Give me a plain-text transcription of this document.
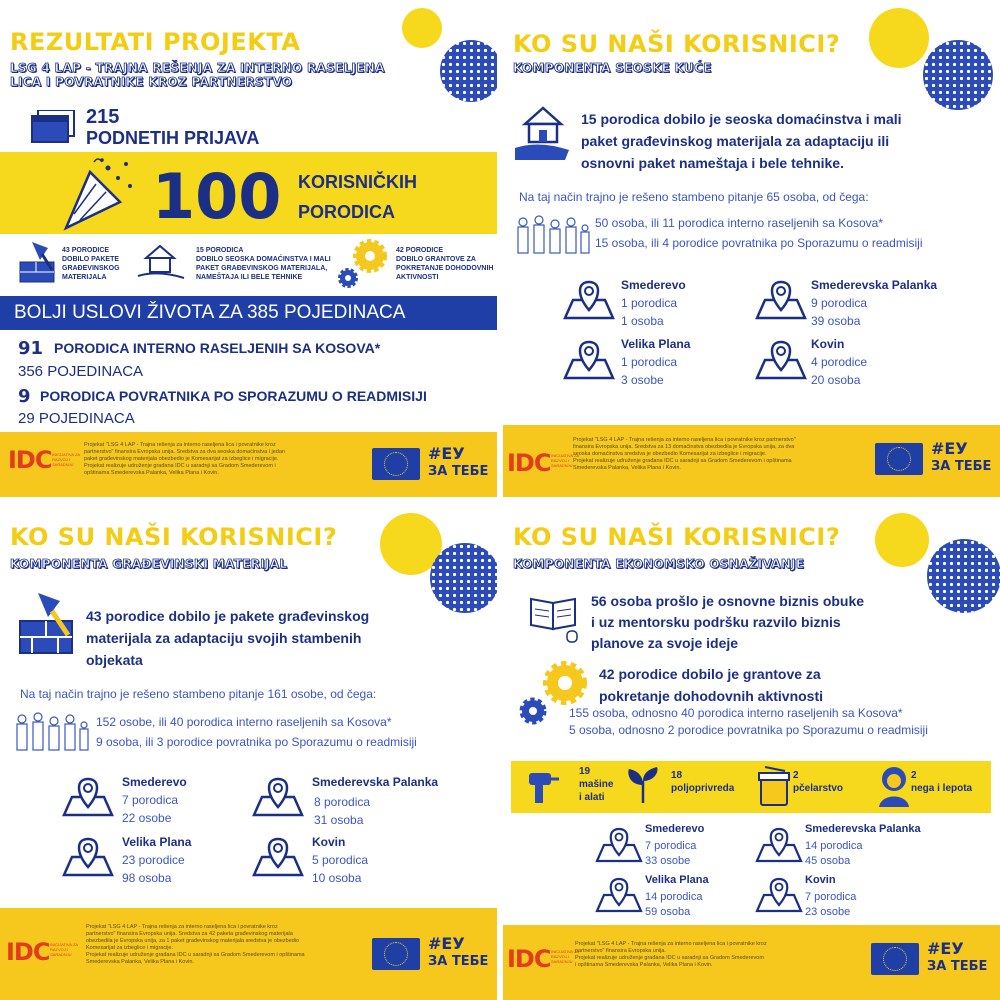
REZULTATI PROJEKTA
LSG 4 LAP - TRAJNA REŠENJA ZA INTERNO RASELJENA
LICA I POVRATNIKE KROZ PARTNERSTVO
215
PODNETIH PRIJAVA
100 KORISNIČKIH
PORODICA
43 PORODICE
DOBILO PAKETE
GRAĐEVINSKOG
MATERIJALA
15 PORODICA
DOBILO SEOSKA DOMAĆINSTVA I MALI
PAKET GRAĐEVINSKOG MATERIJALA,
NAMEŠTAJA ILI BELE TEHNIKE
42 PORODICE
DOBILO GRANTOVE ZA
POKRETANJE DOHODOVNIH
AKTIVNOSTI
BOLJI USLOVI ŽIVOTA ZA 385 POJEDINACA
91 PORODICA INTERNO RASELJENIH SA KOSOVA*
356 POJEDINACA
9 PORODICA POVRATNIKA PO SPORAZUMU O READMISIJI
29 POJEDINACA
IDC INICIJATIVA ZA RAZVOJ I SARADNJU
Projekat "LSG 4 LAP - Trajna rešenja za interno raseljena lica i povratnike kroz
partnerstvo" finansira Evropska unija. Sredstva za dva seoska domaćinstva i jedan
paket građevinskog materijala obezbedio je Komesarijat za izbeglice i migracije.
Projekat realizuje udruženje građana IDC u saradnji sa Gradom Smederevom i
opštinama Smederevska Palanka, Velika Plana i Kovin.
#ЕУ
ЗА ТЕБЕ
KO SU NAŠI KORISNICI?
KOMPONENTA SEOSKE KUĆE
15 porodica dobilo je seoska domaćinstva i mali
paket građevinskog materijala za adaptaciju ili
osnovni paket nameštaja i bele tehnike.
Na taj način trajno je rešeno stambeno pitanje 65 osoba, od čega:
50 osoba, ili 11 porodica interno raseljenih sa Kosova*
15 osoba, ili 4 porodice povratnika po Sporazumu o readmisiji
Smederevo
1 porodica
1 osoba
Smederevska Palanka
9 porodica
39 osoba
Velika Plana
1 porodica
3 osobe
Kovin
4 porodice
20 osoba
IDC INICIJATIVA ZA RAZVOJ I SARADNJU
Projekat "LSG 4 LAP - Trajna rešenja za interno raseljena lica i povratnike kroz partnerstvo"
finansira Evropska unija. Sredstva za 13 domaćinstva obezbedila je Evropska unija, za dva
seoska domaćinstva sredstva je obezbedio Komesarijat za izbeglice i migracije.
Projekat realizuje udruženje građana IDC u saradnji sa Gradom Smederevom i opštinama
Smederevska Palanka, Velika Plana i Kovin.
#ЕУ
ЗА ТЕБЕ
KO SU NAŠI KORISNICI?
KOMPONENTA GRAĐEVINSKI MATERIJAL
43 porodice dobilo je pakete građevinskog
materijala za adaptaciju svojih stambenih
objekata
Na taj način trajno je rešeno stambeno pitanje 161 osobe, od čega:
152 osobe, ili 40 porodica interno raseljenih sa Kosova*
9 osoba, ili 3 porodice povratnika po Sporazumu o readmisiji
Smederevo
7 porodica
22 osobe
Smederevska Palanka
8 porodica
31 osoba
Velika Plana
23 porodice
98 osoba
Kovin
5 porodica
10 osoba
IDC INICIJATIVA ZA RAZVOJ I SARADNJU
Projekat "LSG 4 LAP - Trajna rešenja za interno raseljena lica i povratnike kroz
partnerstvo" finansira Evropska unija. Sredstva za 42 paketa građevinskog materijala
obezbedila je Evropska unija, za 1 paket građevinskog materijala sredstva je obezbedio
Komesarijat za izbeglice i migracije.
Projekat realizuje udruženje građana IDC u saradnji sa Gradom Smederevom i opštinama
Smederevska Palanka, Velika Plana i Kovin.
#ЕУ
ЗА ТЕБЕ
KO SU NAŠI KORISNICI?
KOMPONENTA EKONOMSKO OSNAŽIVANJE
56 osoba prošlo je osnovne biznis obuke
i uz mentorsku podršku razvilo biznis
planove za svoje ideje
42 porodice dobilo je grantove za
pokretanje dohodovnih aktivnosti
155 osoba, odnosno 40 porodica interno raseljenih sa Kosova*
5 osoba, odnosno 2 porodice povratnika po Sporazumu o readmisiji
19
mašine
i alati
18
poljoprivreda
2
pčelarstvo
2
nega i lepota
Smederevo
7 porodica
33 osobe
Smederevska Palanka
14 porodica
45 osoba
Velika Plana
14 porodica
59 osoba
Kovin
7 porodica
23 osobe
IDC INICIJATIVA ZA RAZVOJ I SARADNJU
Projekat "LSG 4 LAP - Trajna rešenja za interno raseljena lica i povratnike kroz
partnerstvo" finansira Evropska unija.
Projekat realizuje udruženje građana IDC u saradnji sa Gradom Smederevom
i opštinama Smederevska Palanka, Velika Plana i Kovin.
#ЕУ
ЗА ТЕБЕ
